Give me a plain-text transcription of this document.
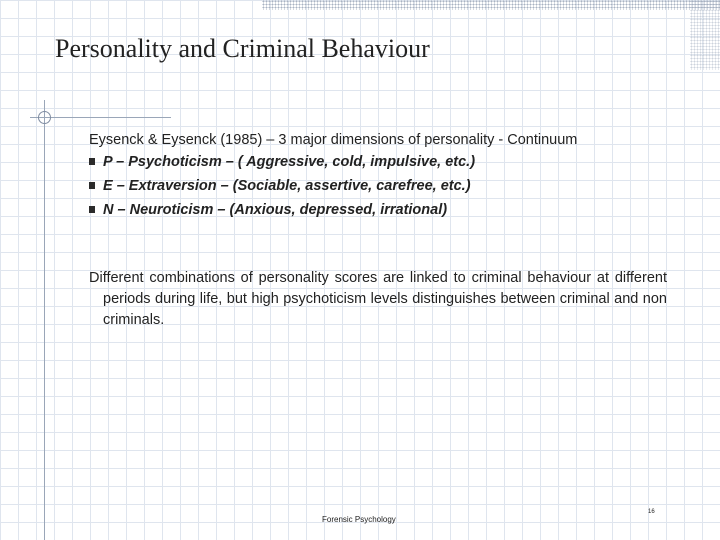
Personality and Criminal Behaviour
Eysenck & Eysenck (1985) – 3 major dimensions of personality - Continuum
P – Psychoticism – ( Aggressive, cold, impulsive, etc.)
E – Extraversion – (Sociable, assertive, carefree, etc.)
N – Neuroticism – (Anxious, depressed, irrational)
Different combinations of personality scores are linked to criminal behaviour at different periods during life, but high psychoticism levels distinguishes between criminal and non criminals.
Forensic Psychology
16
